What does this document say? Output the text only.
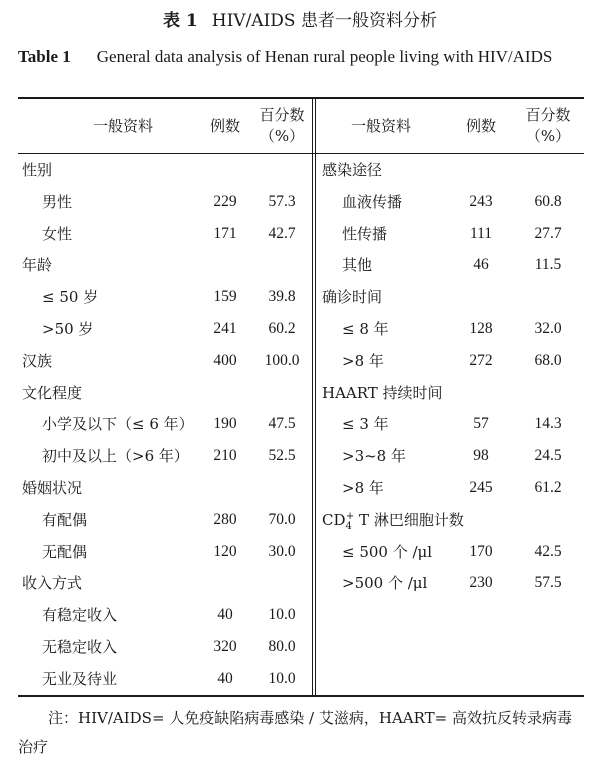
表 1 HIV/AIDS 患者一般资料分析
Table 1 General data analysis of Henan rural people living with HIV/AIDS
一般资料	例数
百分数（%）
一般资料	例数
百分数（%）
性别
男性	229	57.3
女性	171	42.7
年龄
≤ 50 岁	159	39.8
>50 岁	241	60.2
汉族	400	100.0
文化程度
小学及以下（≤ 6 年）	190	47.5
初中及以上（>6 年）	210	52.5
婚姻状况
有配偶	280	70.0
无配偶	120	30.0
收入方式
有稳定收入	40	10.0
无稳定收入	320	80.0
无业及待业	40	10.0
感染途径
血液传播	243	60.8
性传播	111	27.7
其他	46	11.5
确诊时间
≤ 8 年	128	32.0
>8 年	272	68.0
HAART 持续时间
≤ 3 年	57	14.3
>3~8 年	98	24.5
>8 年	245	61.2
$CD_4^+$ T 淋巴细胞计数
≤ 500 个 /μl	170	42.5
>500 个 /μl	230	57.5
注：HIV/AIDS= 人免疫缺陷病毒感染 / 艾滋病，HAART= 高效抗反转录病毒治疗
